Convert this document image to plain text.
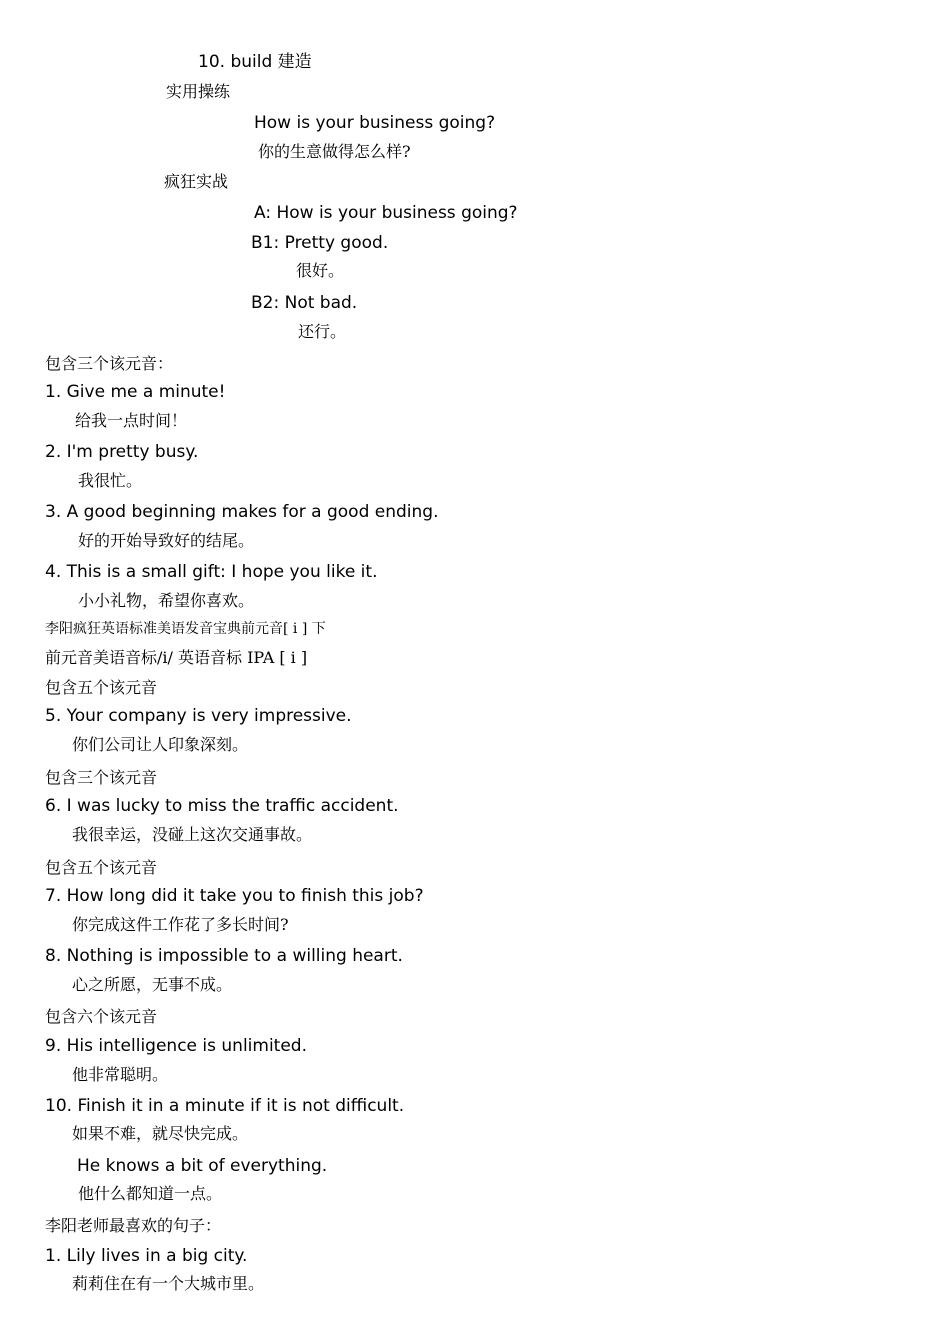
10. build 建造
实用操练
How is your business going?
你的生意做得怎么样?
疯狂实战
A: How is your business going?
B1: Pretty good.
很好。
B2: Not bad.
还行。
包含三个该元音：
1. Give me a minute!
给我一点时间！
2. I'm pretty busy.
我很忙。
3. A good beginning makes for a good ending.
好的开始导致好的结尾。
4. This is a small gift: I hope you like it.
小小礼物，希望你喜欢。
李阳疯狂英语标准美语发音宝典前元音[ i ] 下
前元音美语音标/i/ 英语音标 IPA [ i ]
包含五个该元音
5. Your company is very impressive.
你们公司让人印象深刻。
包含三个该元音
6. I was lucky to miss the traffic accident.
我很幸运，没碰上这次交通事故。
包含五个该元音
7. How long did it take you to finish this job?
你完成这件工作花了多长时间?
8. Nothing is impossible to a willing heart.
心之所愿，无事不成。
包含六个该元音
9. His intelligence is unlimited.
他非常聪明。
10. Finish it in a minute if it is not difficult.
如果不难，就尽快完成。
He knows a bit of everything.
他什么都知道一点。
李阳老师最喜欢的句子：
1. Lily lives in a big city.
莉莉住在有一个大城市里。
